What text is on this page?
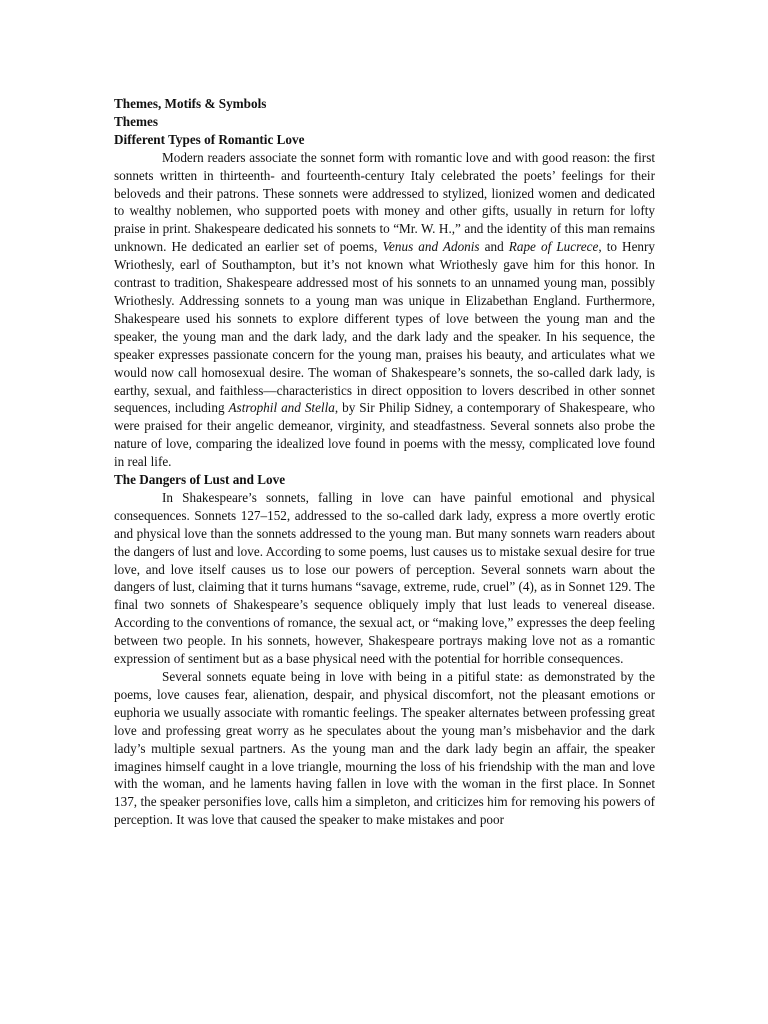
Themes, Motifs & Symbols
Themes
Different Types of Romantic Love

Modern readers associate the sonnet form with romantic love and with good reason: the first sonnets written in thirteenth- and fourteenth-century Italy celebrated the poets’ feelings for their beloveds and their patrons. These sonnets were addressed to stylized, lionized women and dedicated to wealthy noblemen, who supported poets with money and other gifts, usually in return for lofty praise in print. Shakespeare dedicated his sonnets to “Mr. W. H.,” and the identity of this man remains unknown. He dedicated an earlier set of poems, Venus and Adonis and Rape of Lucrece, to Henry Wriothesly, earl of Southampton, but it’s not known what Wriothesly gave him for this honor. In contrast to tradition, Shakespeare addressed most of his sonnets to an unnamed young man, possibly Wriothesly. Addressing sonnets to a young man was unique in Elizabethan England. Furthermore, Shakespeare used his sonnets to explore different types of love between the young man and the speaker, the young man and the dark lady, and the dark lady and the speaker. In his sequence, the speaker expresses passionate concern for the young man, praises his beauty, and articulates what we would now call homosexual desire. The woman of Shakespeare’s sonnets, the so-called dark lady, is earthy, sexual, and faithless—characteristics in direct opposition to lovers described in other sonnet sequences, including Astrophil and Stella, by Sir Philip Sidney, a contemporary of Shakespeare, who were praised for their angelic demeanor, virginity, and steadfastness. Several sonnets also probe the nature of love, comparing the idealized love found in poems with the messy, complicated love found in real life.

The Dangers of Lust and Love

In Shakespeare’s sonnets, falling in love can have painful emotional and physical consequences. Sonnets 127–152, addressed to the so-called dark lady, express a more overtly erotic and physical love than the sonnets addressed to the young man. But many sonnets warn readers about the dangers of lust and love. According to some poems, lust causes us to mistake sexual desire for true love, and love itself causes us to lose our powers of perception. Several sonnets warn about the dangers of lust, claiming that it turns humans “savage, extreme, rude, cruel” (4), as in Sonnet 129. The final two sonnets of Shakespeare’s sequence obliquely imply that lust leads to venereal disease. According to the conventions of romance, the sexual act, or “making love,” expresses the deep feeling between two people. In his sonnets, however, Shakespeare portrays making love not as a romantic expression of sentiment but as a base physical need with the potential for horrible consequences.

Several sonnets equate being in love with being in a pitiful state: as demonstrated by the poems, love causes fear, alienation, despair, and physical discomfort, not the pleasant emotions or euphoria we usually associate with romantic feelings. The speaker alternates between professing great love and professing great worry as he speculates about the young man’s misbehavior and the dark lady’s multiple sexual partners. As the young man and the dark lady begin an affair, the speaker imagines himself caught in a love triangle, mourning the loss of his friendship with the man and love with the woman, and he laments having fallen in love with the woman in the first place. In Sonnet 137, the speaker personifies love, calls him a simpleton, and criticizes him for removing his powers of perception. It was love that caused the speaker to make mistakes and poor
